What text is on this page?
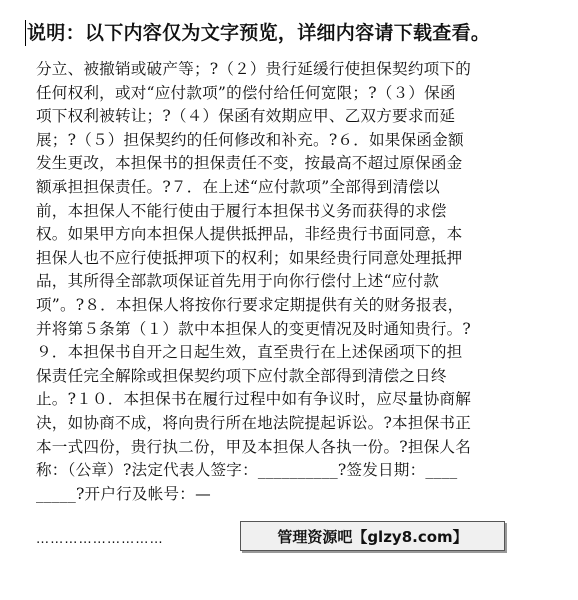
说明：以下内容仅为文字预览，详细内容请下载查看。
分立、被撤销或破产等；?（２）贵行延缓行使担保契约项下的
任何权利，或对“应付款项”的偿付给任何宽限；?（３）保函
项下权利被转让；?（４）保函有效期应甲、乙双方要求而延
展；?（５）担保契约的任何修改和补充。?６．如果保函金额
发生更改，本担保书的担保责任不变，按最高不超过原保函金
额承担担保责任。?７．在上述“应付款项”全部得到清偿以
前，本担保人不能行使由于履行本担保书义务而获得的求偿
权。如果甲方向本担保人提供抵押品，非经贵行书面同意，本
担保人也不应行使抵押项下的权利；如果经贵行同意处理抵押
品，其所得全部款项保证首先用于向你行偿付上述“应付款
项”。?８．本担保人将按你行要求定期提供有关的财务报表，
并将第５条第（１）款中本担保人的变更情况及时通知贵行。?
９．本担保书自开之日起生效，直至贵行在上述保函项下的担
保责任完全解除或担保契约项下应付款全部得到清偿之日终
止。?１０．本担保书在履行过程中如有争议时，应尽量协商解
决，如协商不成，将向贵行所在地法院提起诉讼。?本担保书正
本一式四份，贵行执二份，甲及本担保人各执一份。?担保人名
称：（公章）?法定代表人签字：__________?签发日期：____
_____?开户行及帐号：—
………………………	管理资源吧【glzy8.com】
